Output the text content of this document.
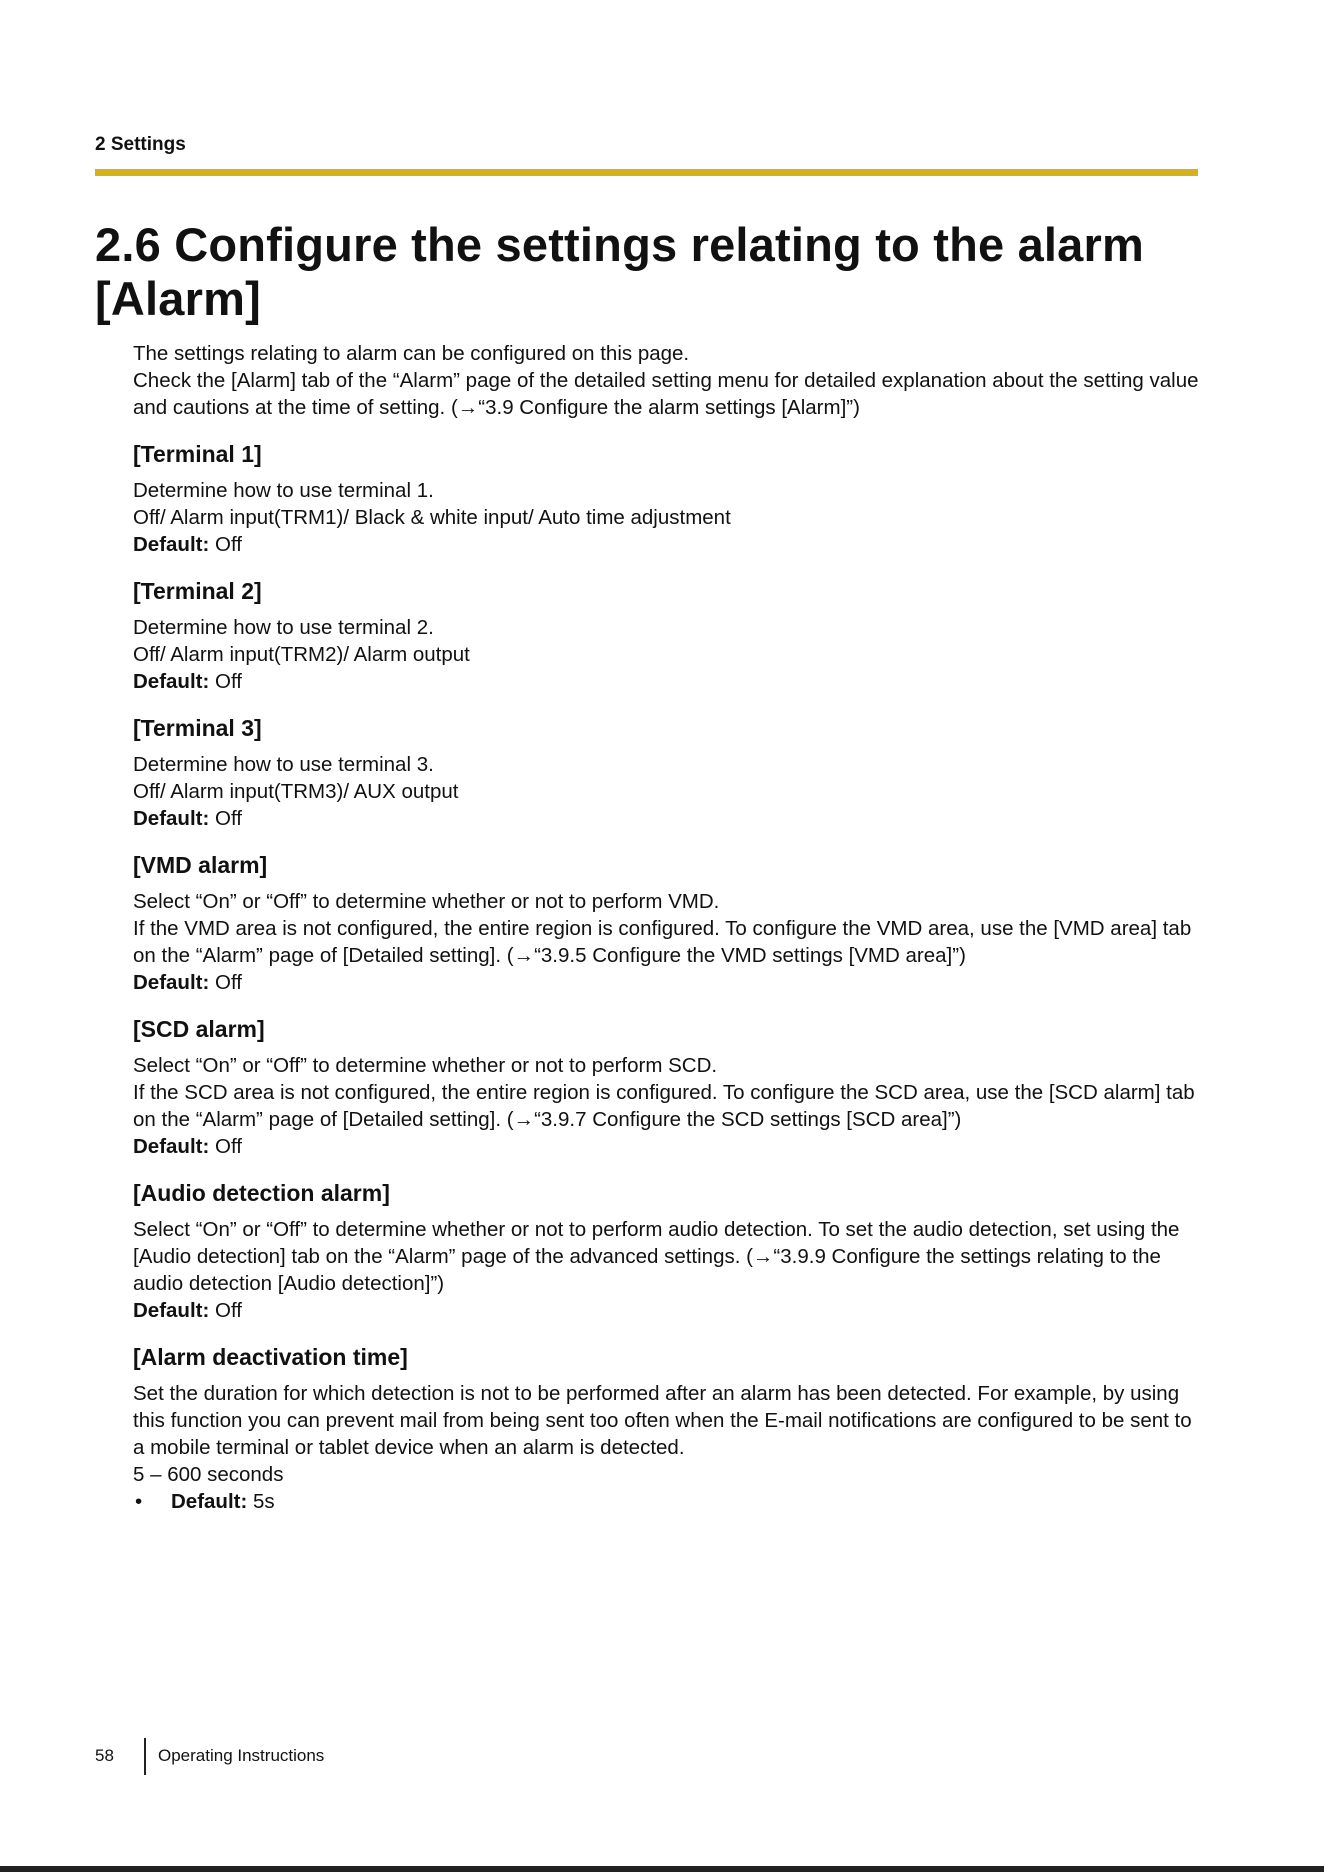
2 Settings
2.6 Configure the settings relating to the alarm [Alarm]

The settings relating to alarm can be configured on this page.

Check the [Alarm] tab of the “Alarm” page of the detailed setting menu for detailed explanation about the setting value and cautions at the time of setting. (→“3.9 Configure the alarm settings [Alarm]”)

[Terminal 1]

Determine how to use terminal 1.

Off/ Alarm input(TRM1)/ Black & white input/ Auto time adjustment

Default: Off

[Terminal 2]

Determine how to use terminal 2.

Off/ Alarm input(TRM2)/ Alarm output

Default: Off

[Terminal 3]

Determine how to use terminal 3.

Off/ Alarm input(TRM3)/ AUX output

Default: Off

[VMD alarm]

Select “On” or “Off” to determine whether or not to perform VMD.

If the VMD area is not configured, the entire region is configured. To configure the VMD area, use the [VMD area] tab on the “Alarm” page of [Detailed setting]. (→“3.9.5 Configure the VMD settings [VMD area]”)

Default: Off

[SCD alarm]

Select “On” or “Off” to determine whether or not to perform SCD.

If the SCD area is not configured, the entire region is configured. To configure the SCD area, use the [SCD alarm] tab on the “Alarm” page of [Detailed setting]. (→“3.9.7 Configure the SCD settings [SCD area]”)

Default: Off

[Audio detection alarm]

Select “On” or “Off” to determine whether or not to perform audio detection. To set the audio detection, set using the [Audio detection] tab on the “Alarm” page of the advanced settings. (→“3.9.9 Configure the settings relating to the audio detection [Audio detection]”)

Default: Off

[Alarm deactivation time]

Set the duration for which detection is not to be performed after an alarm has been detected. For example, by using this function you can prevent mail from being sent too often when the E-mail notifications are configured to be sent to a mobile terminal or tablet device when an alarm is detected.

5 – 600 seconds

• Default: 5s
58	Operating Instructions
